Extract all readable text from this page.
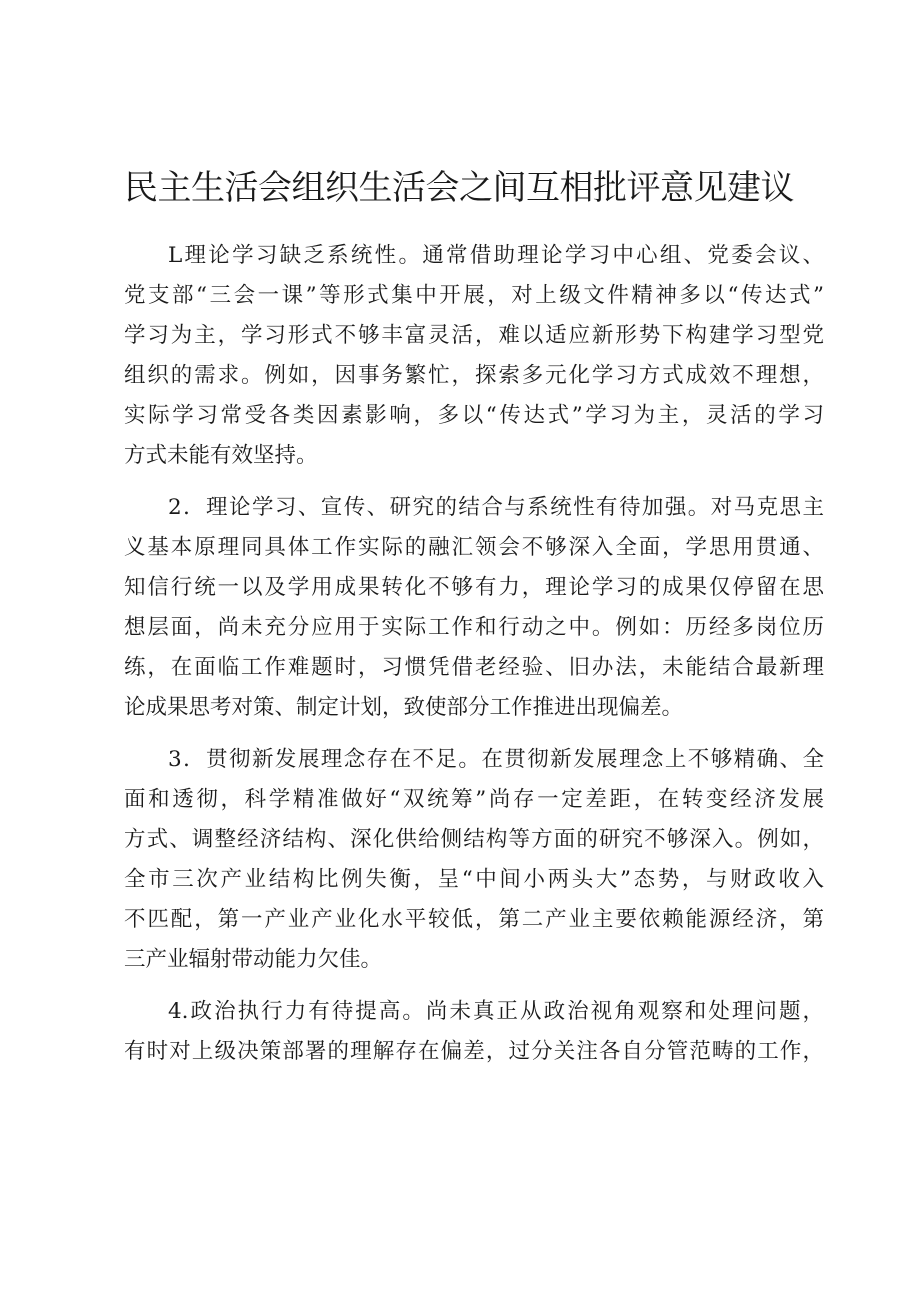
民主生活会组织生活会之间互相批评意见建议
L理论学习缺乏系统性。通常借助理论学习中心组、党委会议、
党支部“三会一课”等形式集中开展，对上级文件精神多以“传达式”
学习为主，学习形式不够丰富灵活，难以适应新形势下构建学习型党
组织的需求。例如，因事务繁忙，探索多元化学习方式成效不理想，
实际学习常受各类因素影响，多以“传达式”学习为主，灵活的学习
方式未能有效坚持。
2．理论学习、宣传、研究的结合与系统性有待加强。对马克思主
义基本原理同具体工作实际的融汇领会不够深入全面，学思用贯通、
知信行统一以及学用成果转化不够有力，理论学习的成果仅停留在思
想层面，尚未充分应用于实际工作和行动之中。例如：历经多岗位历
练，在面临工作难题时，习惯凭借老经验、旧办法，未能结合最新理
论成果思考对策、制定计划，致使部分工作推进出现偏差。
3．贯彻新发展理念存在不足。在贯彻新发展理念上不够精确、全
面和透彻，科学精准做好“双统筹”尚存一定差距，在转变经济发展
方式、调整经济结构、深化供给侧结构等方面的研究不够深入。例如，
全市三次产业结构比例失衡，呈“中间小两头大”态势，与财政收入
不匹配，第一产业产业化水平较低，第二产业主要依赖能源经济，第
三产业辐射带动能力欠佳。
4.政治执行力有待提高。尚未真正从政治视角观察和处理问题，
有时对上级决策部署的理解存在偏差，过分关注各自分管范畴的工作，
